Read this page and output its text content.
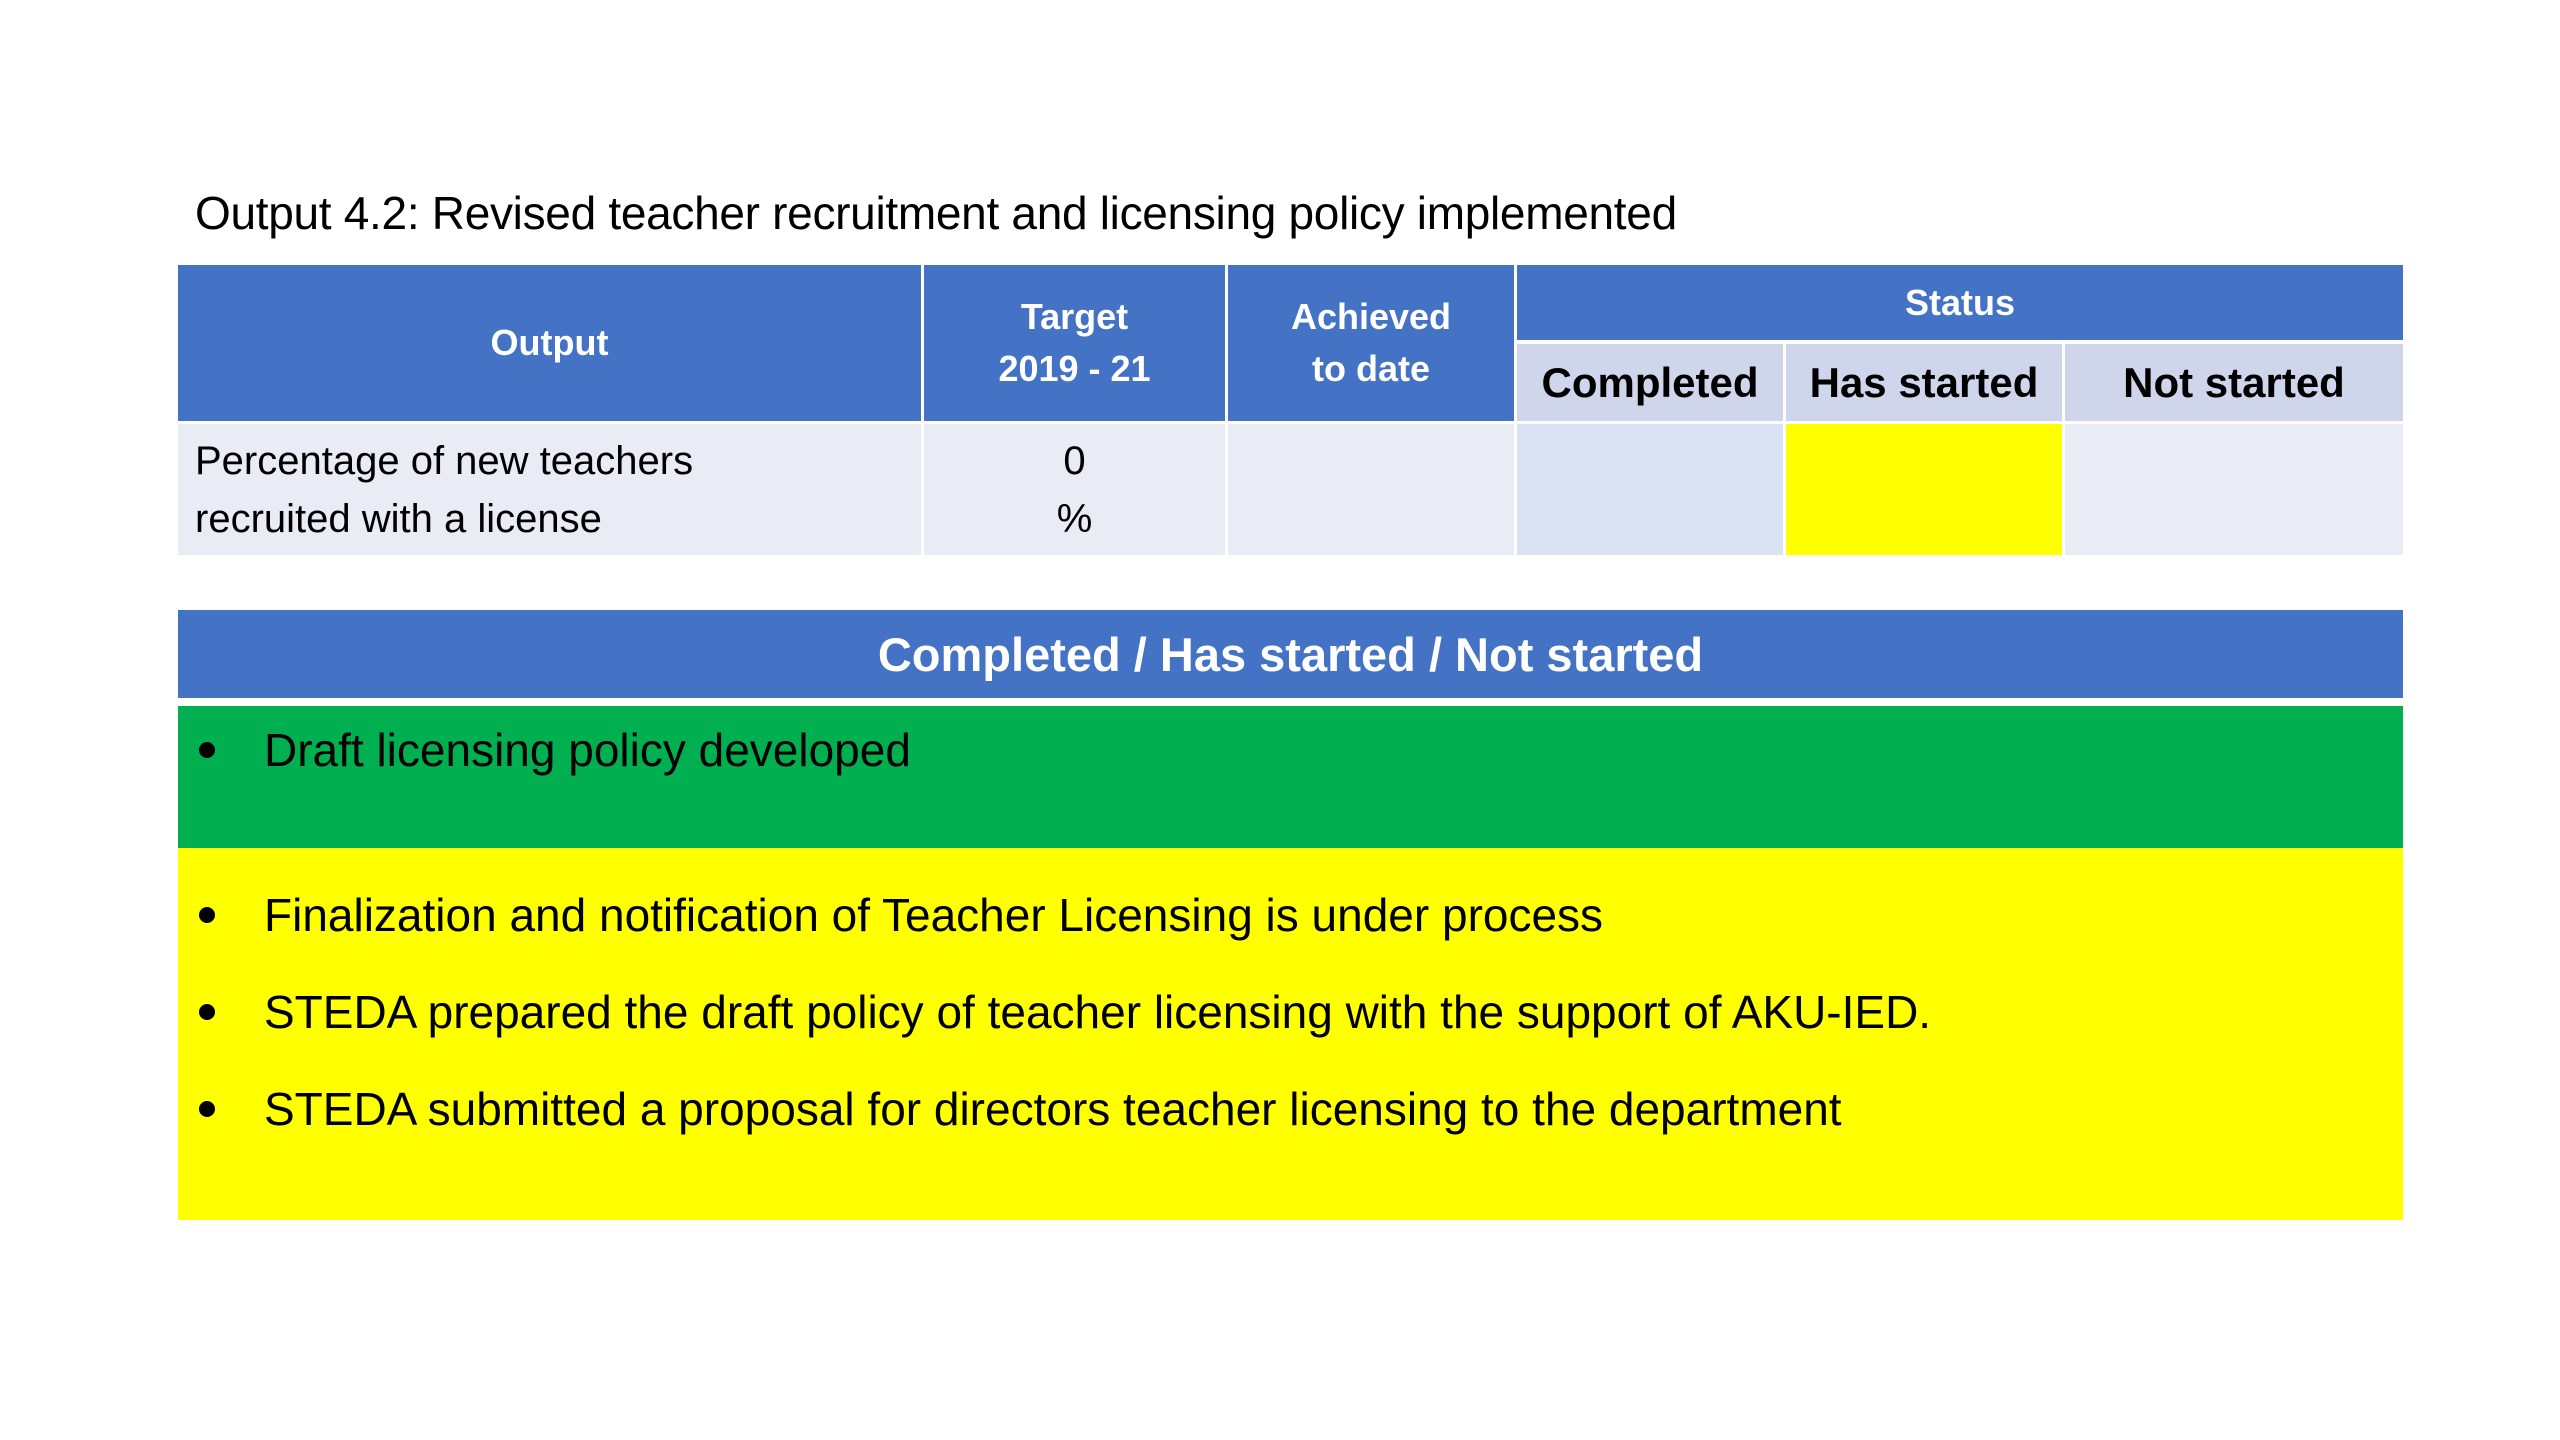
Output 4.2: Revised teacher recruitment and licensing policy implemented
Output
Target
2019 - 21
Achieved
to date
Status
Completed Has started Not started
Percentage of new teachers
recruited with a license
0
%
Completed / Has started / Not started
Draft licensing policy developed
Finalization and notification of Teacher Licensing is under process
STEDA prepared the draft policy of teacher licensing with the support of AKU-IED.
STEDA submitted a proposal for directors teacher licensing to the department
